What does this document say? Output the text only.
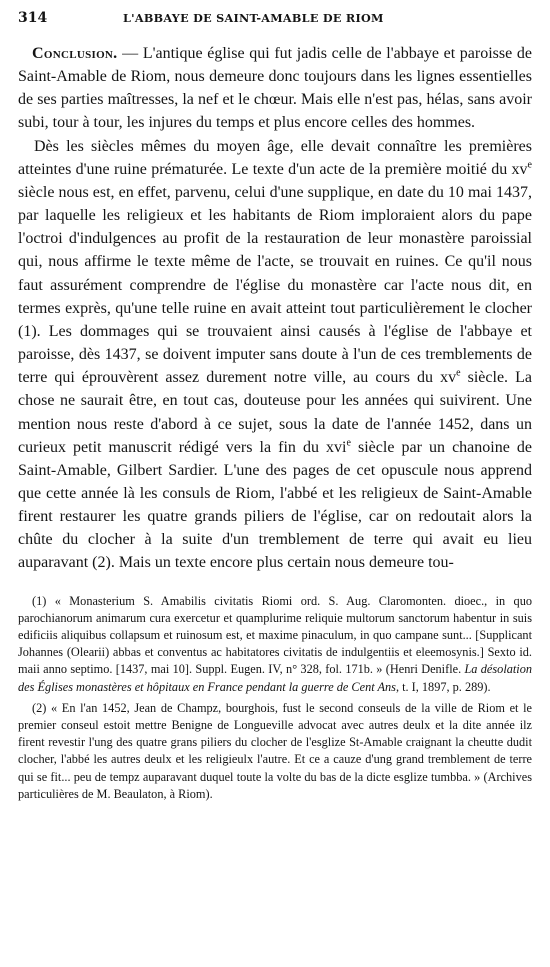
314	L'ABBAYE DE SAINT-AMABLE DE RIOM

Conclusion. — L'antique église qui fut jadis celle de l'abbaye et paroisse de Saint-Amable de Riom, nous demeure donc toujours dans les lignes essentielles de ses parties maîtresses, la nef et le chœur. Mais elle n'est pas, hélas, sans avoir subi, tour à tour, les injures du temps et plus encore celles des hommes.

Dès les siècles mêmes du moyen âge, elle devait connaître les premières atteintes d'une ruine prématurée. Le texte d'un acte de la première moitié du $xv^e$ siècle nous est, en effet, parvenu, celui d'une supplique, en date du 10 mai 1437, par laquelle les religieux et les habitants de Riom imploraient alors du pape l'octroi d'indulgences au profit de la restauration de leur monastère paroissial qui, nous affirme le texte même de l'acte, se trouvait en ruines. Ce qu'il nous faut assurément comprendre de l'église du monastère car l'acte nous dit, en termes exprès, qu'une telle ruine en avait atteint tout particulièrement le clocher (1). Les dommages qui se trouvaient ainsi causés à l'église de l'abbaye et paroisse, dès 1437, se doivent imputer sans doute à l'un de ces tremblements de terre qui éprouvèrent assez durement notre ville, au cours du $xv^e$ siècle. La chose ne saurait être, en tout cas, douteuse pour les années qui suivirent. Une mention nous reste d'abord à ce sujet, sous la date de l'année 1452, dans un curieux petit manuscrit rédigé vers la fin du xvi$^e$ siècle par un chanoine de Saint-Amable, Gilbert Sardier. L'une des pages de cet opuscule nous apprend que cette année là les consuls de Riom, l'abbé et les religieux de Saint-Amable firent restaurer les quatre grands piliers de l'église, car on redoutait alors la chûte du clocher à la suite d'un tremblement de terre qui avait eu lieu auparavant (2). Mais un texte encore plus certain nous demeure tou-

(1) « Monasterium S. Amabilis civitatis Riomi ord. S. Aug. Claromonten. dioec., in quo parochianorum animarum cura exercetur et quamplurime reliquie multorum sanctorum habentur in suis edificiis aliquibus collapsum et ruinosum est, et maxime pinaculum, in quo campane sunt... [Supplicant Johannes (Olearii) abbas et conventus ac habitatores civitatis de indulgentiis et eleemosynis.] Sexto id. maii anno septimo. [1437, mai 10]. Suppl. Eugen. IV, n° 328, fol. 171b. » (Henri Denifle. La désolation des Églises monastères et hôpitaux en France pendant la guerre de Cent Ans, t. I, 1897, p. 289).

(2) « En l'an 1452, Jean de Champz, bourghois, fust le second conseuls de la ville de Riom et le premier conseul estoit mettre Benigne de Longueville advocat avec autres deulx et la dite année ilz firent revestir l'ung des quatre grans piliers du clocher de l'esglize St-Amable craignant la cheutte dudit clocher, l'abbé les autres deulx et les religieulx l'autre. Et ce a cauze d'ung grand tremblement de terre qui se fit... peu de tempz auparavant duquel toute la volte du bas de la dicte esglize tumbba. » (Archives particulières de M. Beaulaton, à Riom).
